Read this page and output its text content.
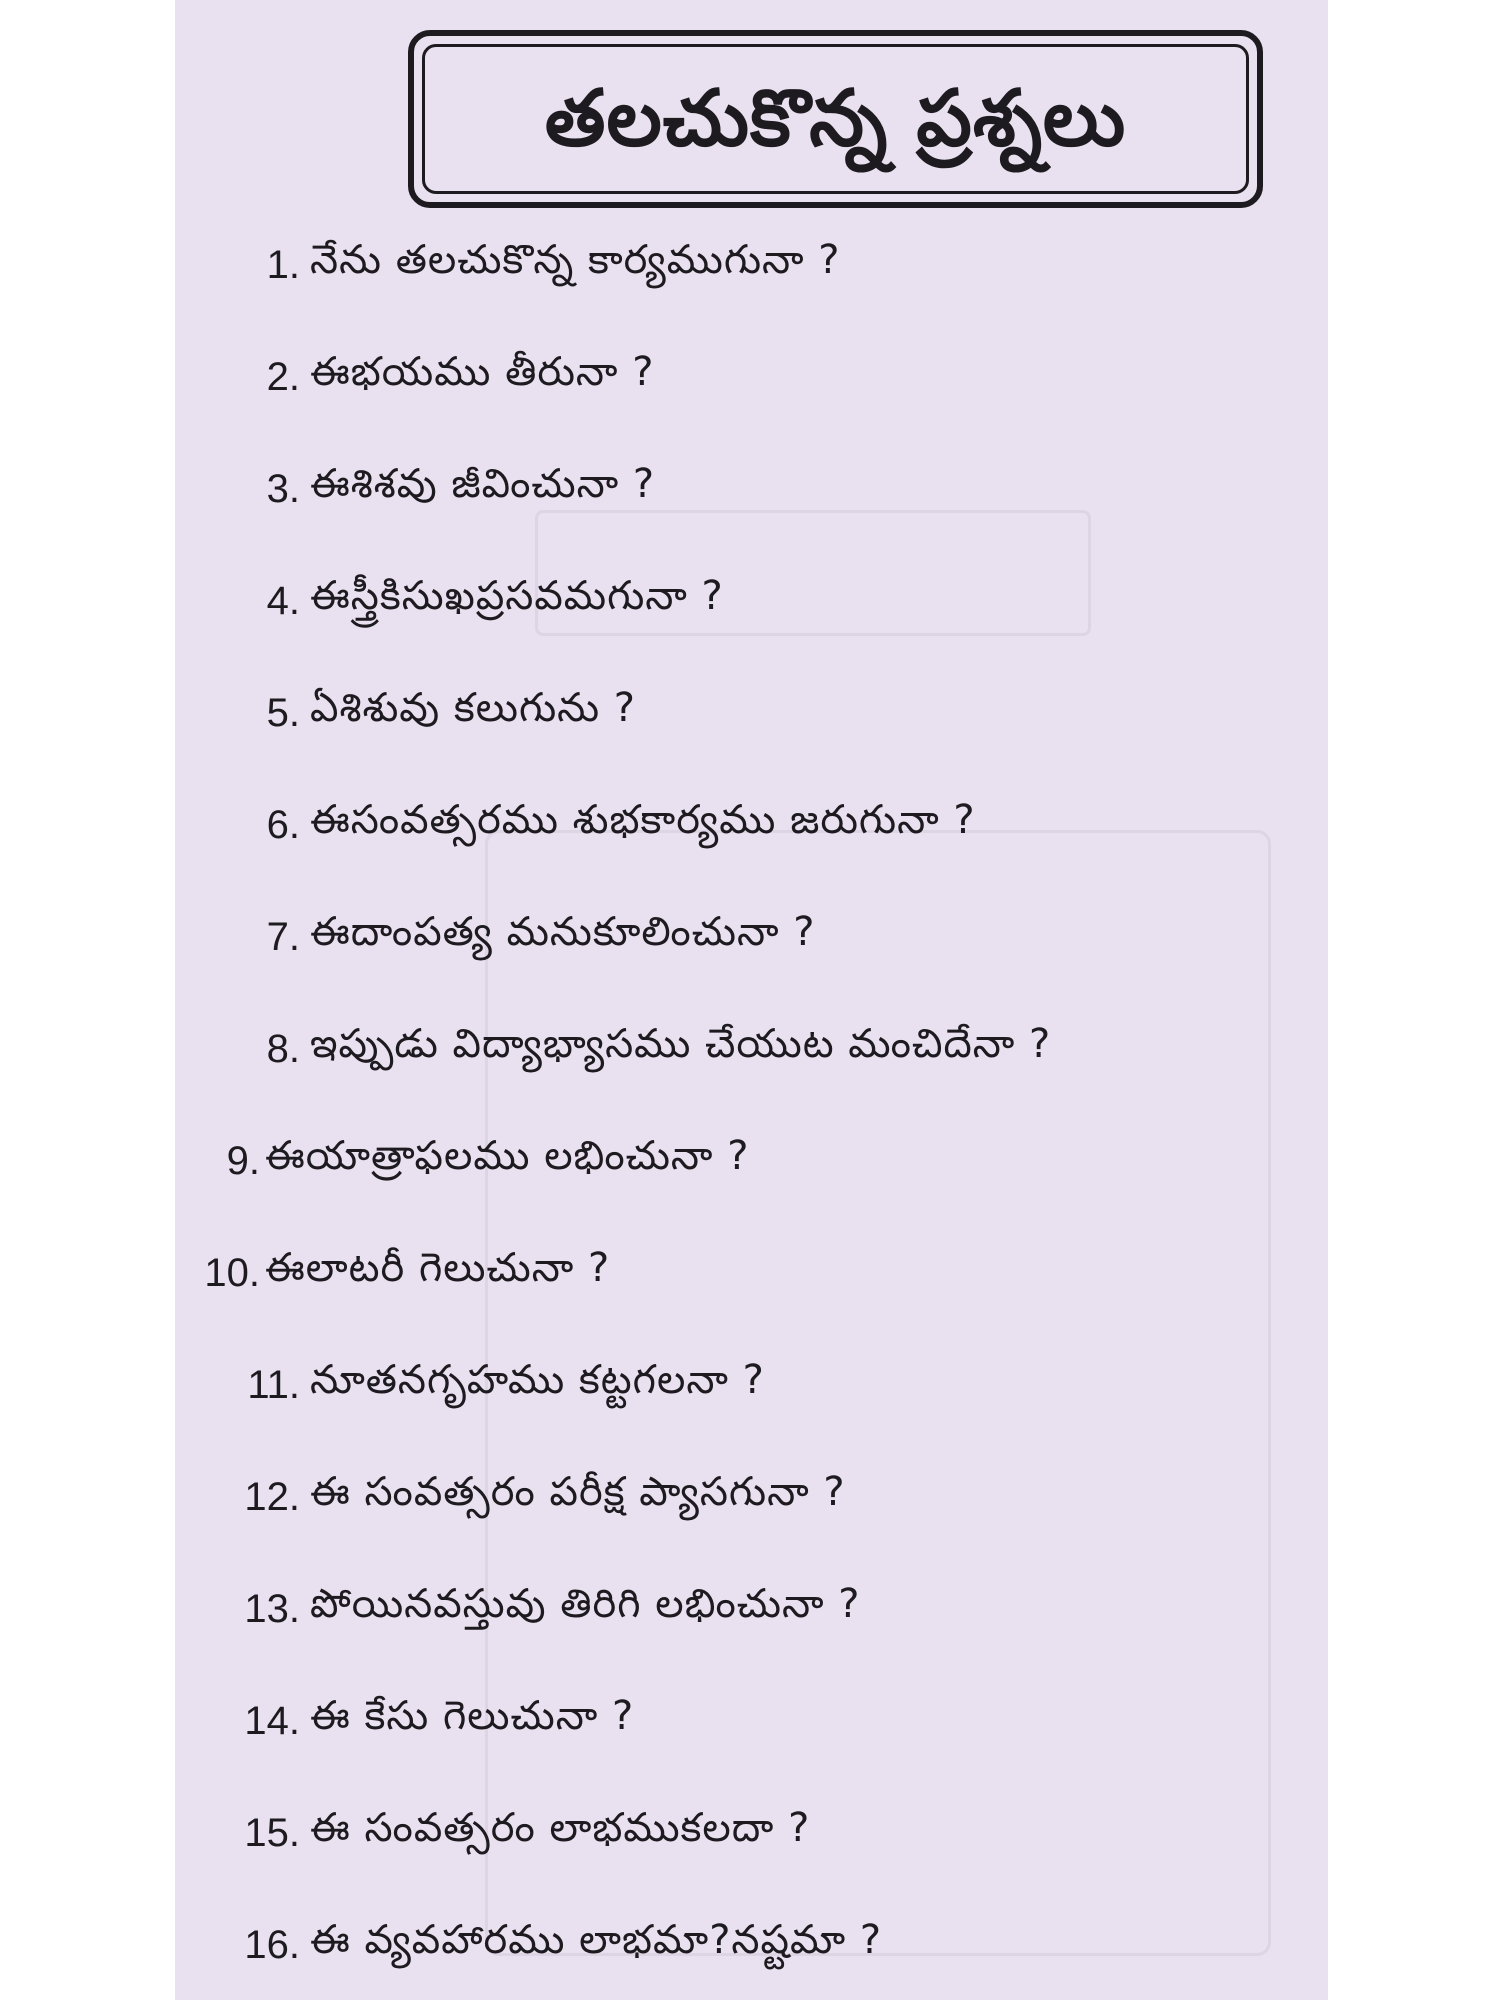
తలచుకొన్న ప్రశ్నలు
1. నేను తలచుకొన్న కార్యముగునా ?
2. ఈభయము తీరునా ?
3. ఈశిశవు జీవించునా ?
4. ఈస్త్రీకిసుఖప్రసవమగునా ?
5. ఏశిశువు కలుగును ?
6. ఈసంవత్సరము శుభకార్యము జరుగునా ?
7. ఈదాంపత్య మనుకూలించునా ?
8. ఇప్పుడు విద్యాభ్యాసము చేయుట మంచిదేనా ?
9. ఈయాత్రాఫలము లభించునా ?
10. ఈలాటరీ గెలుచునా ?
11. నూతనగృహము కట్టగలనా ?
12. ఈ సంవత్సరం పరీక్ష ప్యాసగునా ?
13. పోయినవస్తువు తిరిగి లభించునా ?
14. ఈ కేసు గెలుచునా ?
15. ఈ సంవత్సరం లాభముకలదా ?
16. ఈ వ్యవహారము లాభమా?నష్టమా ?
